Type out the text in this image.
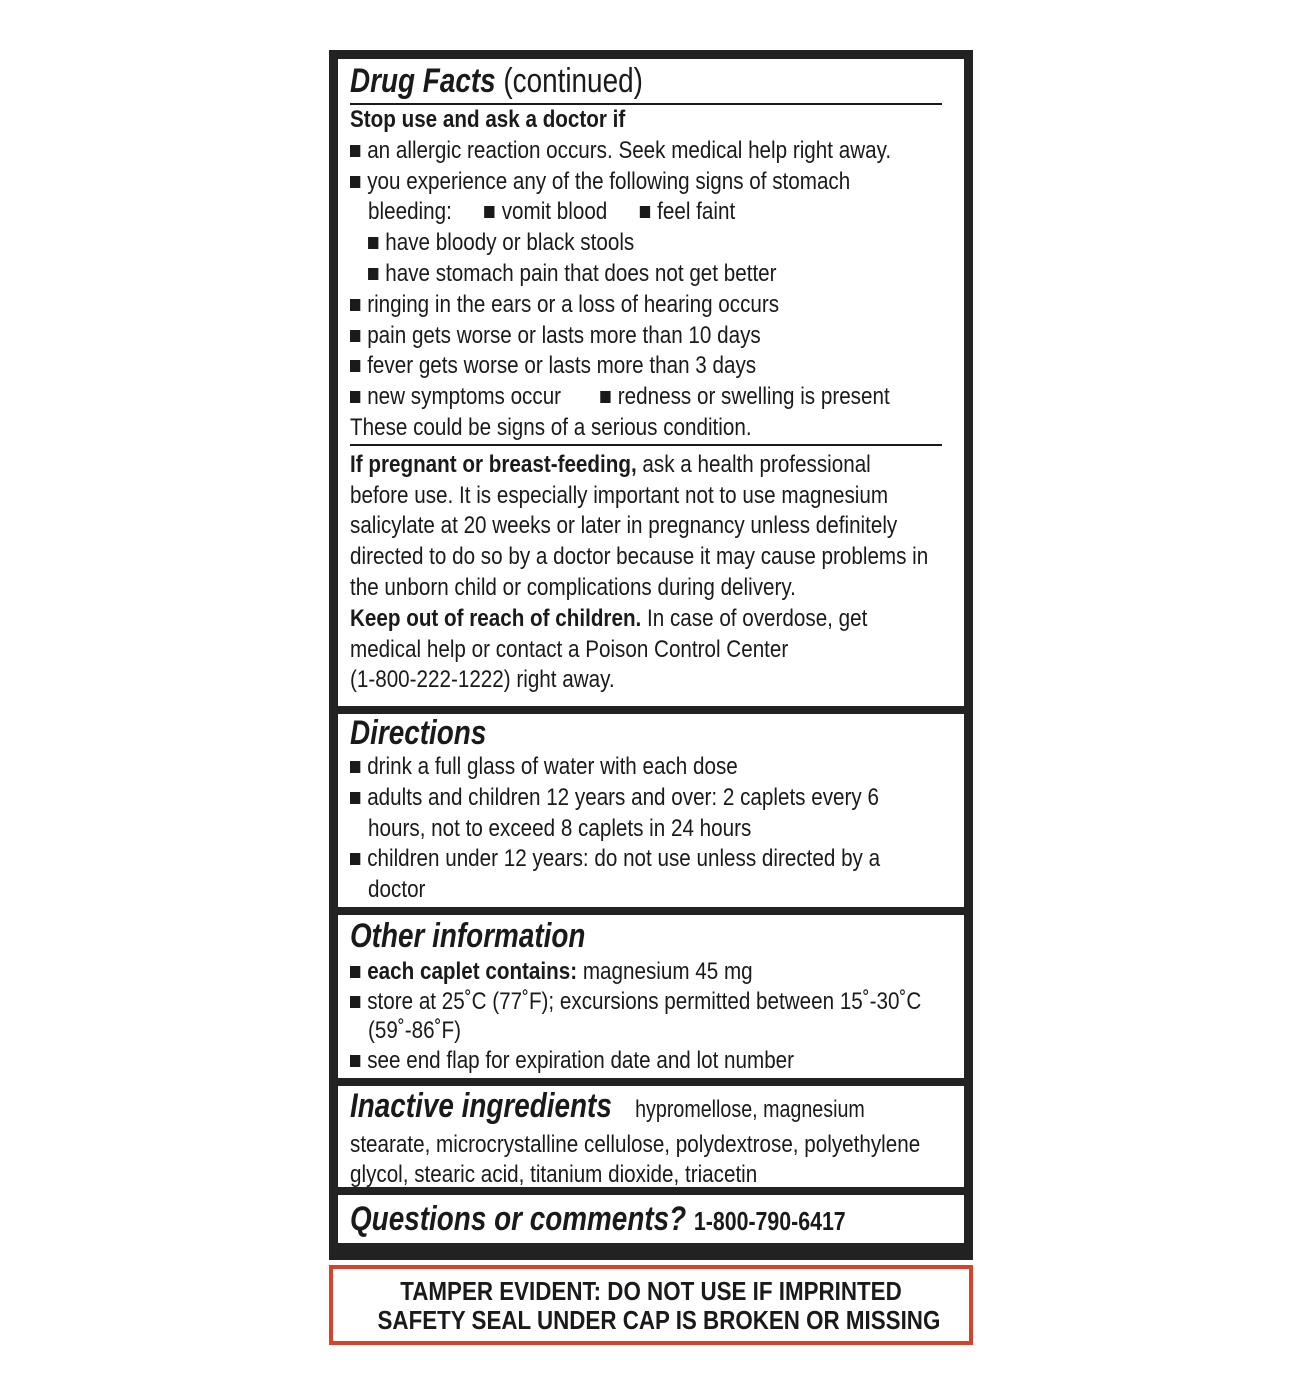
Drug Facts (continued)
Stop use and ask a doctor if
an allergic reaction occurs. Seek medical help right away.
you experience any of the following signs of stomach
bleeding: vomit blood feel faint
have bloody or black stools
have stomach pain that does not get better
ringing in the ears or a loss of hearing occurs
pain gets worse or lasts more than 10 days
fever gets worse or lasts more than 3 days
new symptoms occur redness or swelling is present
These could be signs of a serious condition.
If pregnant or breast-feeding, ask a health professional
before use. It is especially important not to use magnesium
salicylate at 20 weeks or later in pregnancy unless definitely
directed to do so by a doctor because it may cause problems in
the unborn child or complications during delivery.
Keep out of reach of children. In case of overdose, get
medical help or contact a Poison Control Center
(1-800-222-1222) right away.
Directions
drink a full glass of water with each dose
adults and children 12 years and over: 2 caplets every 6
hours, not to exceed 8 caplets in 24 hours
children under 12 years: do not use unless directed by a
doctor
Other information
each caplet contains: magnesium 45 mg
store at 25˚C (77˚F); excursions permitted between 15˚-30˚C
(59˚-86˚F)
see end flap for expiration date and lot number
Inactive ingredients hypromellose, magnesium
stearate, microcrystalline cellulose, polydextrose, polyethylene
glycol, stearic acid, titanium dioxide, triacetin
Questions or comments? 1-800-790-6417
TAMPER EVIDENT: DO NOT USE IF IMPRINTED
SAFETY SEAL UNDER CAP IS BROKEN OR MISSING
